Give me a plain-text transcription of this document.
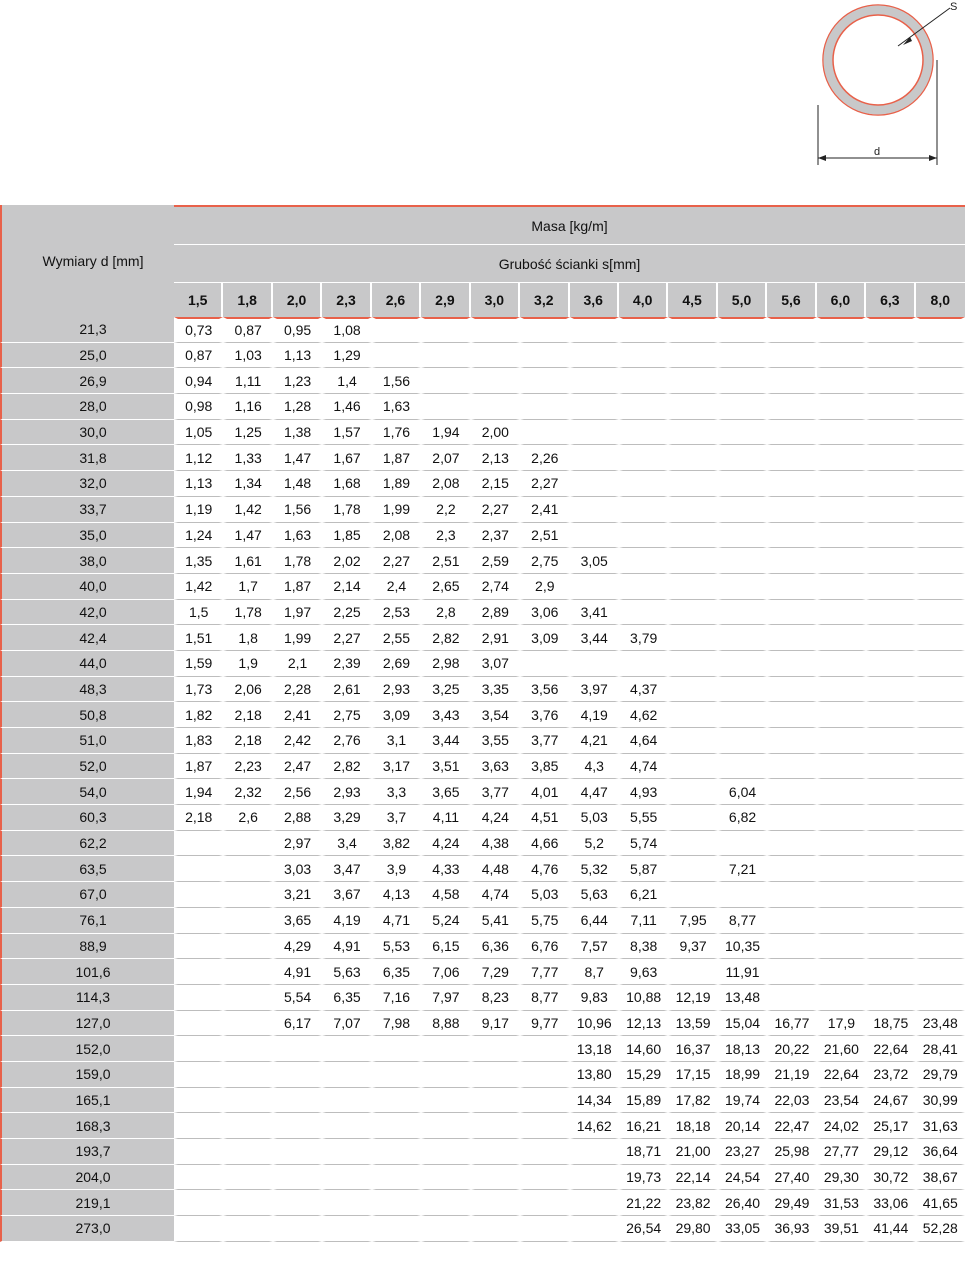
S
d
Wymiary d [mm]	Masa [kg/m]															
	Grubość ścianki s[mm]															
	1,5	1,8	2,0	2,3	2,6	2,9	3,0	3,2	3,6	4,0	4,5	5,0	5,6	6,0	6,3	8,0
21,3	0,73	0,87	0,95	1,08												
25,0	0,87	1,03	1,13	1,29												
26,9	0,94	1,11	1,23	1,4	1,56											
28,0	0,98	1,16	1,28	1,46	1,63											
30,0	1,05	1,25	1,38	1,57	1,76	1,94	2,00									
31,8	1,12	1,33	1,47	1,67	1,87	2,07	2,13	2,26								
32,0	1,13	1,34	1,48	1,68	1,89	2,08	2,15	2,27								
33,7	1,19	1,42	1,56	1,78	1,99	2,2	2,27	2,41								
35,0	1,24	1,47	1,63	1,85	2,08	2,3	2,37	2,51								
38,0	1,35	1,61	1,78	2,02	2,27	2,51	2,59	2,75	3,05							
40,0	1,42	1,7	1,87	2,14	2,4	2,65	2,74	2,9								
42,0	1,5	1,78	1,97	2,25	2,53	2,8	2,89	3,06	3,41							
42,4	1,51	1,8	1,99	2,27	2,55	2,82	2,91	3,09	3,44	3,79						
44,0	1,59	1,9	2,1	2,39	2,69	2,98	3,07									
48,3	1,73	2,06	2,28	2,61	2,93	3,25	3,35	3,56	3,97	4,37						
50,8	1,82	2,18	2,41	2,75	3,09	3,43	3,54	3,76	4,19	4,62						
51,0	1,83	2,18	2,42	2,76	3,1	3,44	3,55	3,77	4,21	4,64						
52,0	1,87	2,23	2,47	2,82	3,17	3,51	3,63	3,85	4,3	4,74						
54,0	1,94	2,32	2,56	2,93	3,3	3,65	3,77	4,01	4,47	4,93		6,04				
60,3	2,18	2,6	2,88	3,29	3,7	4,11	4,24	4,51	5,03	5,55		6,82				
62,2			2,97	3,4	3,82	4,24	4,38	4,66	5,2	5,74						
63,5			3,03	3,47	3,9	4,33	4,48	4,76	5,32	5,87		7,21				
67,0			3,21	3,67	4,13	4,58	4,74	5,03	5,63	6,21						
76,1			3,65	4,19	4,71	5,24	5,41	5,75	6,44	7,11	7,95	8,77				
88,9			4,29	4,91	5,53	6,15	6,36	6,76	7,57	8,38	9,37	10,35				
101,6			4,91	5,63	6,35	7,06	7,29	7,77	8,7	9,63		11,91				
114,3			5,54	6,35	7,16	7,97	8,23	8,77	9,83	10,88	12,19	13,48				
127,0			6,17	7,07	7,98	8,88	9,17	9,77	10,96	12,13	13,59	15,04	16,77	17,9	18,75	23,48
152,0									13,18	14,60	16,37	18,13	20,22	21,60	22,64	28,41
159,0									13,80	15,29	17,15	18,99	21,19	22,64	23,72	29,79
165,1									14,34	15,89	17,82	19,74	22,03	23,54	24,67	30,99
168,3									14,62	16,21	18,18	20,14	22,47	24,02	25,17	31,63
193,7										18,71	21,00	23,27	25,98	27,77	29,12	36,64
204,0										19,73	22,14	24,54	27,40	29,30	30,72	38,67
219,1										21,22	23,82	26,40	29,49	31,53	33,06	41,65
273,0										26,54	29,80	33,05	36,93	39,51	41,44	52,28
